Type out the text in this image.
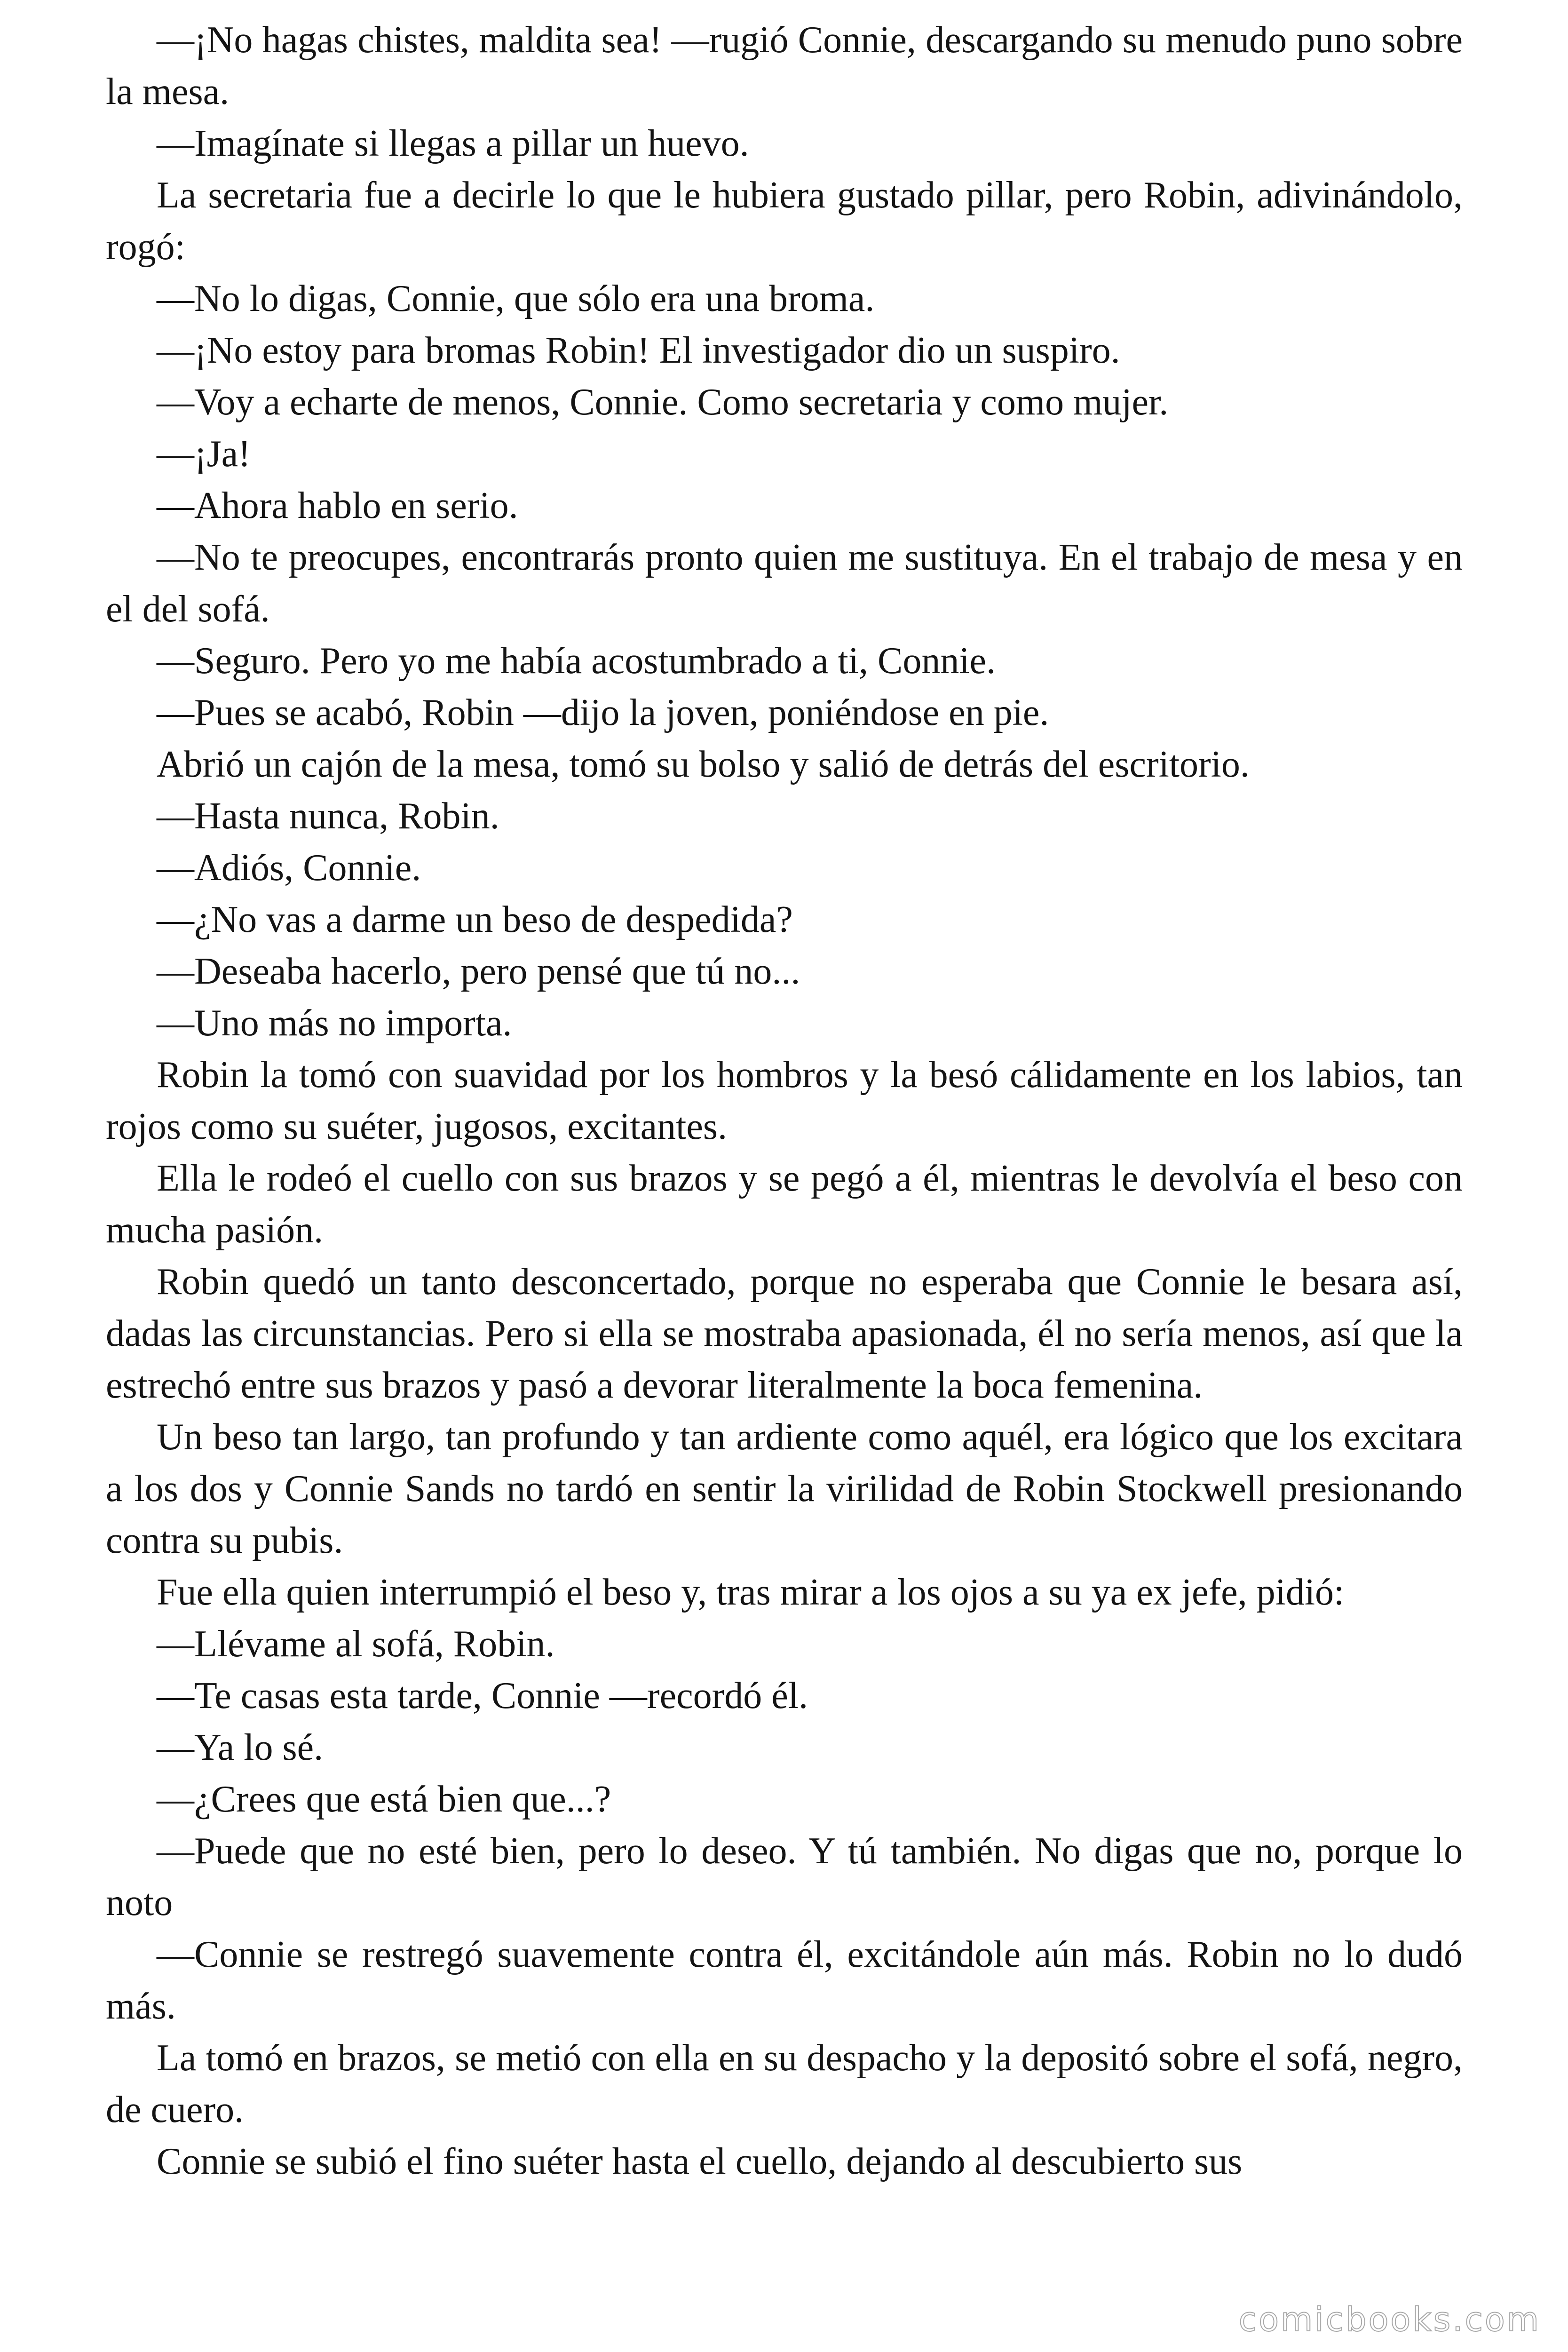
—¡No hagas chistes, maldita sea! —rugió Connie, descargando su menudo puno sobre la mesa.

—Imagínate si llegas a pillar un huevo.

La secretaria fue a decirle lo que le hubiera gustado pillar, pero Robin, adivinándolo, rogó:

—No lo digas, Connie, que sólo era una broma.

—¡No estoy para bromas Robin! El investigador dio un suspiro.

—Voy a echarte de menos, Connie. Como secretaria y como mujer.

—¡Ja!

—Ahora hablo en serio.

—No te preocupes, encontrarás pronto quien me sustituya. En el trabajo de mesa y en el del sofá.

—Seguro. Pero yo me había acostumbrado a ti, Connie.

—Pues se acabó, Robin —dijo la joven, poniéndose en pie.

Abrió un cajón de la mesa, tomó su bolso y salió de detrás del escritorio.

—Hasta nunca, Robin.

—Adiós, Connie.

—¿No vas a darme un beso de despedida?

—Deseaba hacerlo, pero pensé que tú no...

—Uno más no importa.

Robin la tomó con suavidad por los hombros y la besó cálidamente en los labios, tan rojos como su suéter, jugosos, excitantes.

Ella le rodeó el cuello con sus brazos y se pegó a él, mientras le devolvía el beso con mucha pasión.

Robin quedó un tanto desconcertado, porque no esperaba que Connie le besara así, dadas las circunstancias. Pero si ella se mostraba apasionada, él no sería menos, así que la estrechó entre sus brazos y pasó a devorar literalmente la boca femenina.

Un beso tan largo, tan profundo y tan ardiente como aquél, era lógico que los excitara a los dos y Connie Sands no tardó en sentir la virilidad de Robin Stockwell presionando contra su pubis.

Fue ella quien interrumpió el beso y, tras mirar a los ojos a su ya ex jefe, pidió:

—Llévame al sofá, Robin.

—Te casas esta tarde, Connie —recordó él.

—Ya lo sé.

—¿Crees que está bien que...?

—Puede que no esté bien, pero lo deseo. Y tú también. No digas que no, porque lo noto

—Connie se restregó suavemente contra él, excitándole aún más. Robin no lo dudó más.

La tomó en brazos, se metió con ella en su despacho y la depositó sobre el sofá, negro, de cuero.

Connie se subió el fino suéter hasta el cuello, dejando al descubierto sus

comicbooks.com
